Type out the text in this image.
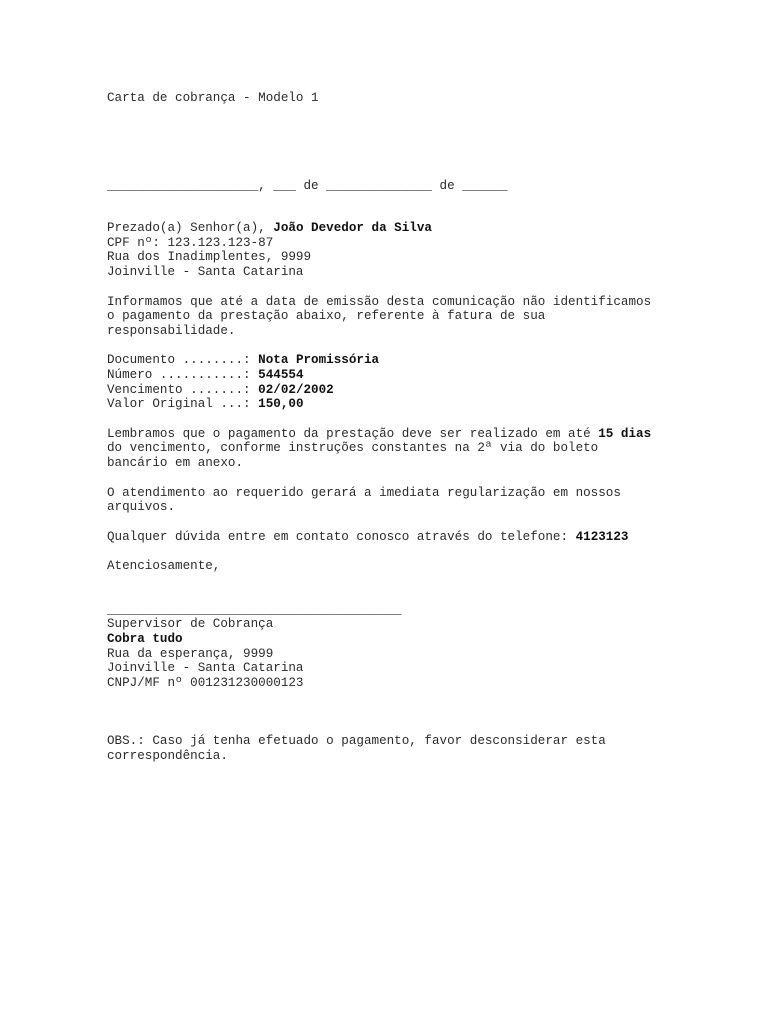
Carta de cobrança - Modelo 1
____________________, ___ de ______________ de ______
Prezado(a) Senhor(a), João Devedor da Silva
CPF nº: 123.123.123-87
Rua dos Inadimplentes, 9999
Joinville - Santa Catarina
Informamos que até a data de emissão desta comunicação não identificamos o pagamento da prestação abaixo, referente à fatura de sua responsabilidade.
Documento ........: Nota Promissória
Número ...........: 544554
Vencimento .......: 02/02/2002
Valor Original ...: 150,00
Lembramos que o pagamento da prestação deve ser realizado em até 15 dias do vencimento, conforme instruções constantes na 2ª via do boleto bancário em anexo.
O atendimento ao requerido gerará a imediata regularização em nossos arquivos.
Qualquer dúvida entre em contato conosco através do telefone: 4123123
Atenciosamente,
_______________________________________
Supervisor de Cobrança
Cobra tudo
Rua da esperança, 9999
Joinville - Santa Catarina
CNPJ/MF nº 001231230000123
OBS.: Caso já tenha efetuado o pagamento, favor desconsiderar esta correspondência.
